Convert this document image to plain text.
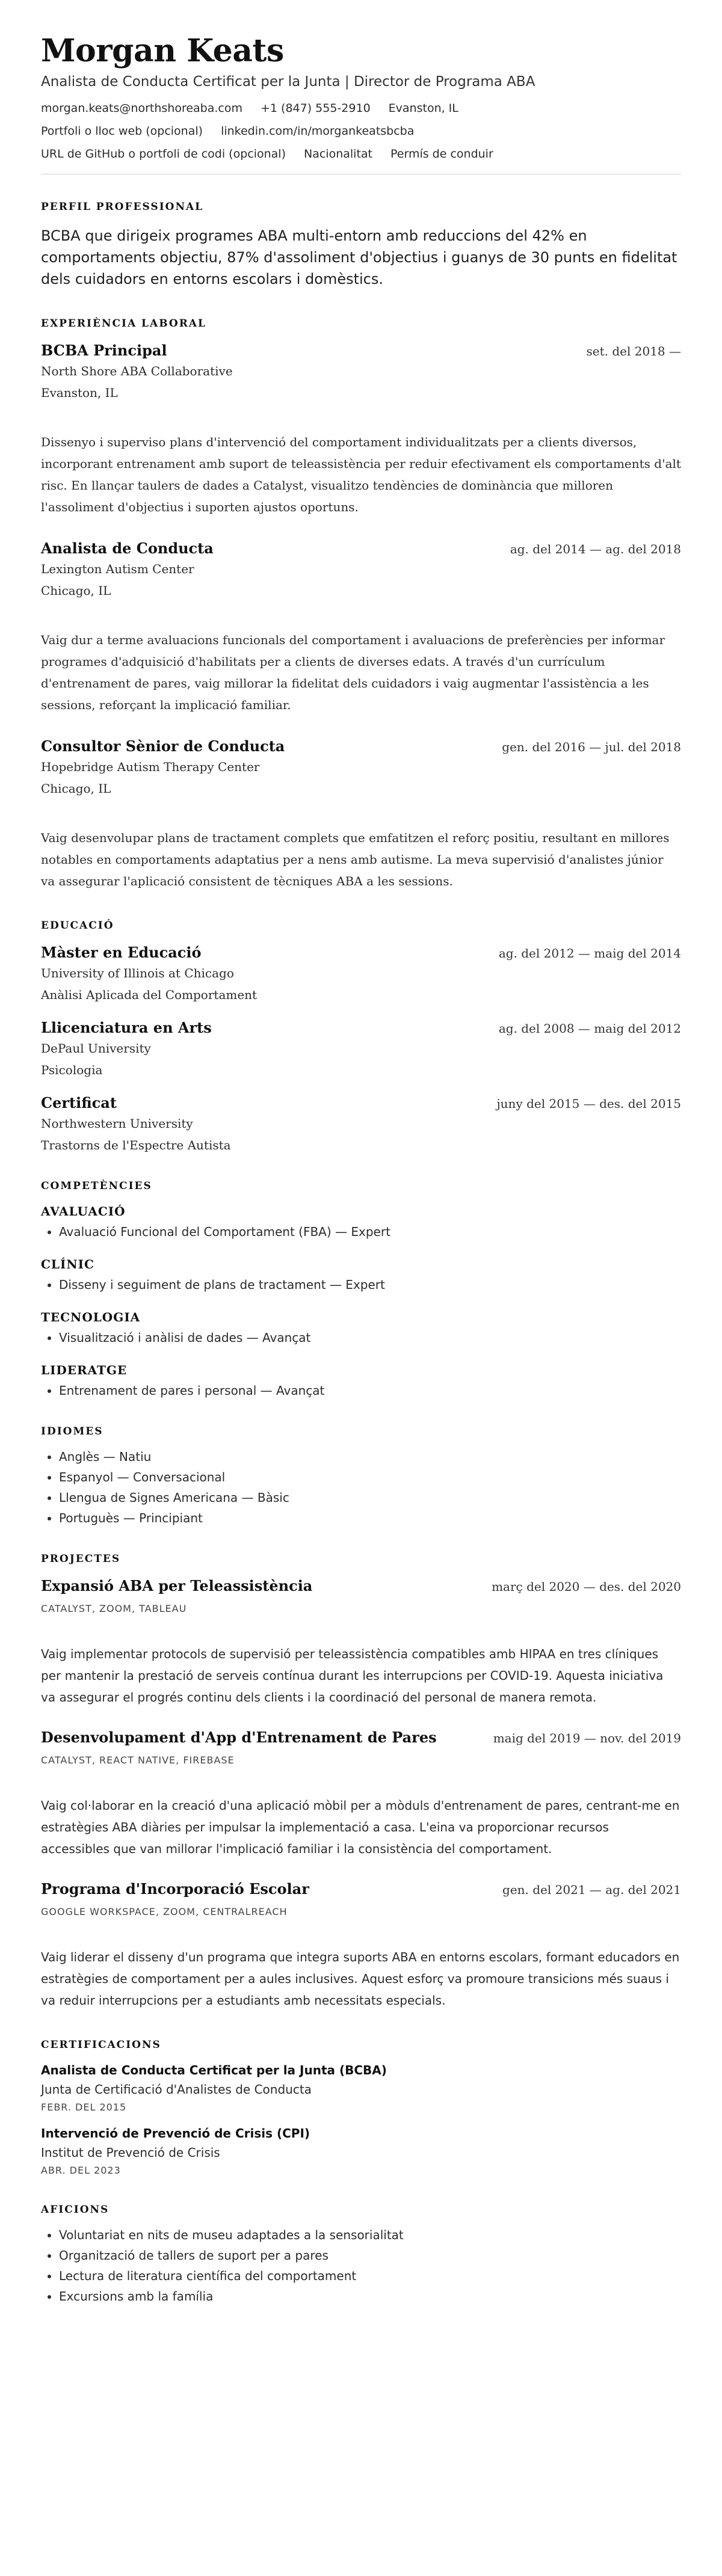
Morgan Keats
Analista de Conducta Certificat per la Junta | Director de Programa ABA
morgan.keats@northshoreaba.com +1 (847) 555-2910 Evanston, IL
Portfoli o lloc web (opcional) linkedin.com/in/morgankeatsbcba
URL de GitHub o portfoli de codi (opcional) Nacionalitat Permís de conduir
PERFIL PROFESSIONAL

BCBA que dirigeix programes ABA multi-entorn amb reduccions del 42% en comportaments objectiu, 87% d'assoliment d'objectius i guanys de 30 punts en fidelitat dels cuidadors en entorns escolars i domèstics.

EXPERIÈNCIA LABORAL
BCBA Principal	set. del 2018 —
North Shore ABA Collaborative
Evanston, IL

Dissenyo i superviso plans d'intervenció del comportament individualitzats per a clients diversos, incorporant entrenament amb suport de teleassistència per reduir efectivament els comportaments d'alt risc. En llançar taulers de dades a Catalyst, visualitzo tendències de dominància que milloren l'assoliment d'objectius i suporten ajustos oportuns.

Analista de Conducta	ag. del 2014 — ag. del 2018
Lexington Autism Center
Chicago, IL

Vaig dur a terme avaluacions funcionals del comportament i avaluacions de preferències per informar programes d'adquisició d'habilitats per a clients de diverses edats. A través d'un currículum d'entrenament de pares, vaig millorar la fidelitat dels cuidadors i vaig augmentar l'assistència a les sessions, reforçant la implicació familiar.

Consultor Sènior de Conducta	gen. del 2016 — jul. del 2018
Hopebridge Autism Therapy Center
Chicago, IL

Vaig desenvolupar plans de tractament complets que emfatitzen el reforç positiu, resultant en millores notables en comportaments adaptatius per a nens amb autisme. La meva supervisió d'analistes júnior va assegurar l'aplicació consistent de tècniques ABA a les sessions.

EDUCACIÓ
Màster en Educació	ag. del 2012 — maig del 2014
University of Illinois at Chicago
Anàlisi Aplicada del Comportament
Llicenciatura en Arts	ag. del 2008 — maig del 2012
DePaul University
Psicologia
Certificat	juny del 2015 — des. del 2015
Northwestern University
Trastorns de l'Espectre Autista
COMPETÈNCIES
AVALUACIÓ
• Avaluació Funcional del Comportament (FBA) — Expert
CLÍNIC
• Disseny i seguiment de plans de tractament — Expert
TECNOLOGIA
• Visualització i anàlisi de dades — Avançat
LIDERATGE
• Entrenament de pares i personal — Avançat
IDIOMES
• Anglès — Natiu
• Espanyol — Conversacional
• Llengua de Signes Americana — Bàsic
• Portuguès — Principiant
PROJECTES
Expansió ABA per Teleassistència	març del 2020 — des. del 2020
CATALYST, ZOOM, TABLEAU

Vaig implementar protocols de supervisió per teleassistència compatibles amb HIPAA en tres clíniques per mantenir la prestació de serveis contínua durant les interrupcions per COVID-19. Aquesta iniciativa va assegurar el progrés continu dels clients i la coordinació del personal de manera remota.

Desenvolupament d'App d'Entrenament de Pares	maig del 2019 — nov. del 2019
CATALYST, REACT NATIVE, FIREBASE

Vaig col·laborar en la creació d'una aplicació mòbil per a mòduls d'entrenament de pares, centrant-me en estratègies ABA diàries per impulsar la implementació a casa. L'eina va proporcionar recursos accessibles que van millorar l'implicació familiar i la consistència del comportament.

Programa d'Incorporació Escolar	gen. del 2021 — ag. del 2021
GOOGLE WORKSPACE, ZOOM, CENTRALREACH

Vaig liderar el disseny d'un programa que integra suports ABA en entorns escolars, formant educadors en estratègies de comportament per a aules inclusives. Aquest esforç va promoure transicions més suaus i va reduir interrupcions per a estudiants amb necessitats especials.

CERTIFICACIONS
Analista de Conducta Certificat per la Junta (BCBA)
Junta de Certificació d'Analistes de Conducta
FEBR. DEL 2015
Intervenció de Prevenció de Crisis (CPI)
Institut de Prevenció de Crisis
ABR. DEL 2023
AFICIONS
• Voluntariat en nits de museu adaptades a la sensorialitat
• Organització de tallers de suport per a pares
• Lectura de literatura científica del comportament
• Excursions amb la família
